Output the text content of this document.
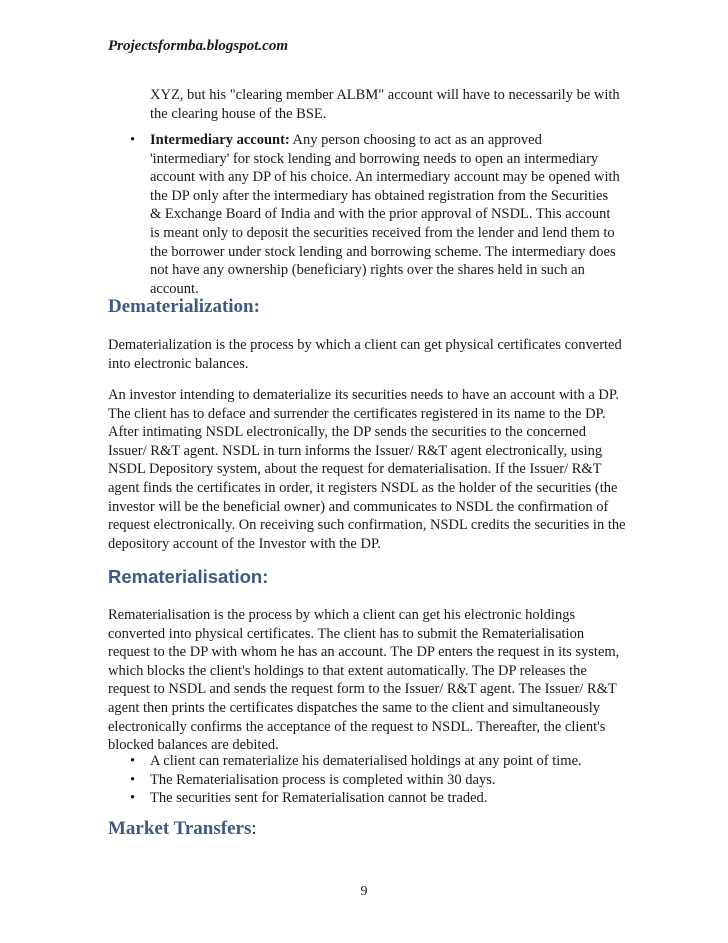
Projectsformba.blogspot.com

XYZ, but his "clearing member ALBM" account will have to necessarily be with the clearing house of the BSE.

• Intermediary account: Any person choosing to act as an approved 'intermediary' for stock lending and borrowing needs to open an intermediary account with any DP of his choice. An intermediary account may be opened with the DP only after the intermediary has obtained registration from the Securities & Exchange Board of India and with the prior approval of NSDL. This account is meant only to deposit the securities received from the lender and lend them to the borrower under stock lending and borrowing scheme. The intermediary does not have any ownership (beneficiary) rights over the shares held in such an account.
Dematerialization:

Dematerialization is the process by which a client can get physical certificates converted into electronic balances.

An investor intending to dematerialize its securities needs to have an account with a DP. The client has to deface and surrender the certificates registered in its name to the DP. After intimating NSDL electronically, the DP sends the securities to the concerned Issuer/ R&T agent. NSDL in turn informs the Issuer/ R&T agent electronically, using NSDL Depository system, about the request for dematerialisation. If the Issuer/ R&T agent finds the certificates in order, it registers NSDL as the holder of the securities (the investor will be the beneficial owner) and communicates to NSDL the confirmation of request electronically. On receiving such confirmation, NSDL credits the securities in the depository account of the Investor with the DP.

Rematerialisation:

Rematerialisation is the process by which a client can get his electronic holdings converted into physical certificates. The client has to submit the Rematerialisation request to the DP with whom he has an account. The DP enters the request in its system, which blocks the client's holdings to that extent automatically. The DP releases the request to NSDL and sends the request form to the Issuer/ R&T agent. The Issuer/ R&T agent then prints the certificates dispatches the same to the client and simultaneously electronically confirms the acceptance of the request to NSDL. Thereafter, the client's blocked balances are debited.

• A client can rematerialize his dematerialised holdings at any point of time.
• The Rematerialisation process is completed within 30 days.
• The securities sent for Rematerialisation cannot be traded.
Market Transfers:
9
